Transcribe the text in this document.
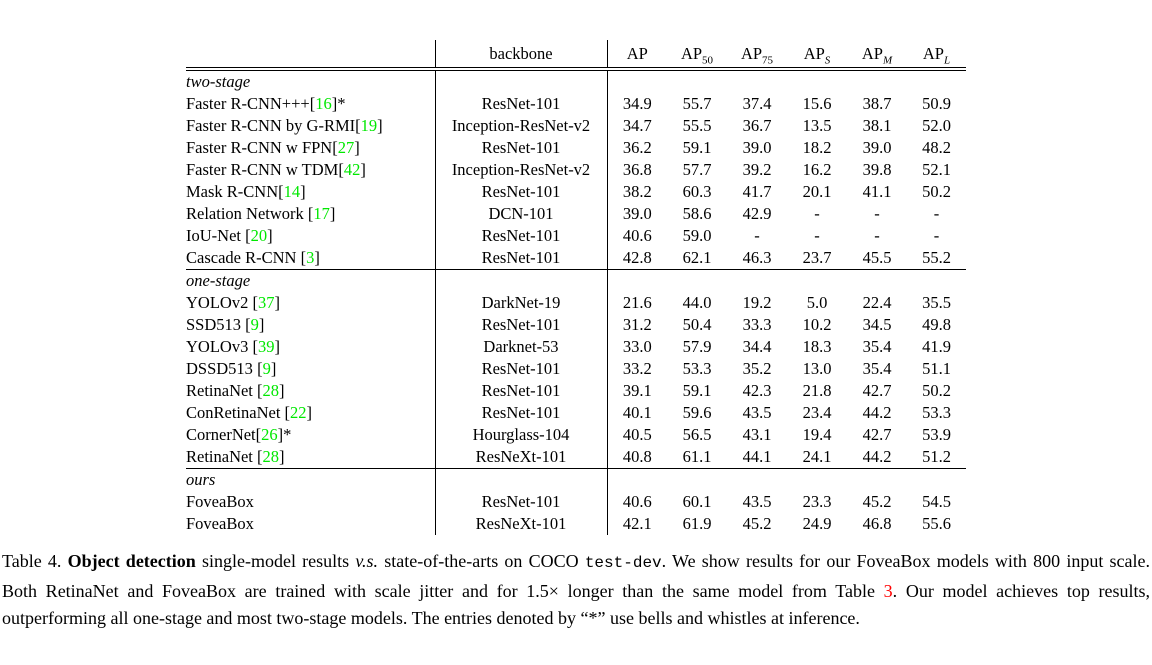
	backbone	AP	$AP_{50}$	$AP_{75}$	$AP_S$	$AP_M$	$AP_L$
two-stage							
Faster R-CNN+++[16]*	ResNet-101	34.9	55.7	37.4	15.6	38.7	50.9
Faster R-CNN by G-RMI[19]	Inception-ResNet-v2	34.7	55.5	36.7	13.5	38.1	52.0
Faster R-CNN w FPN[27]	ResNet-101	36.2	59.1	39.0	18.2	39.0	48.2
Faster R-CNN w TDM[42]	Inception-ResNet-v2	36.8	57.7	39.2	16.2	39.8	52.1
Mask R-CNN[14]	ResNet-101	38.2	60.3	41.7	20.1	41.1	50.2
Relation Network [17]	DCN-101	39.0	58.6	42.9	-	-	-
IoU-Net [20]	ResNet-101	40.6	59.0	-	-	-	-
Cascade R-CNN [3]	ResNet-101	42.8	62.1	46.3	23.7	45.5	55.2
one-stage							
YOLOv2 [37]	DarkNet-19	21.6	44.0	19.2	5.0	22.4	35.5
SSD513 [9]	ResNet-101	31.2	50.4	33.3	10.2	34.5	49.8
YOLOv3 [39]	Darknet-53	33.0	57.9	34.4	18.3	35.4	41.9
DSSD513 [9]	ResNet-101	33.2	53.3	35.2	13.0	35.4	51.1
RetinaNet [28]	ResNet-101	39.1	59.1	42.3	21.8	42.7	50.2
ConRetinaNet [22]	ResNet-101	40.1	59.6	43.5	23.4	44.2	53.3
CornerNet[26]*	Hourglass-104	40.5	56.5	43.1	19.4	42.7	53.9
RetinaNet [28]	ResNeXt-101	40.8	61.1	44.1	24.1	44.2	51.2
ours							
FoveaBox	ResNet-101	40.6	60.1	43.5	23.3	45.2	54.5
FoveaBox	ResNeXt-101	42.1	61.9	45.2	24.9	46.8	55.6

Table 4. Object detection single-model results v.s. state-of-the-arts on COCO test-dev. We show results for our FoveaBox models with 800 input scale. Both RetinaNet and FoveaBox are trained with scale jitter and for 1.5× longer than the same model from Table 3. Our model achieves top results, outperforming all one-stage and most two-stage models. The entries denoted by “*” use bells and whistles at inference.
